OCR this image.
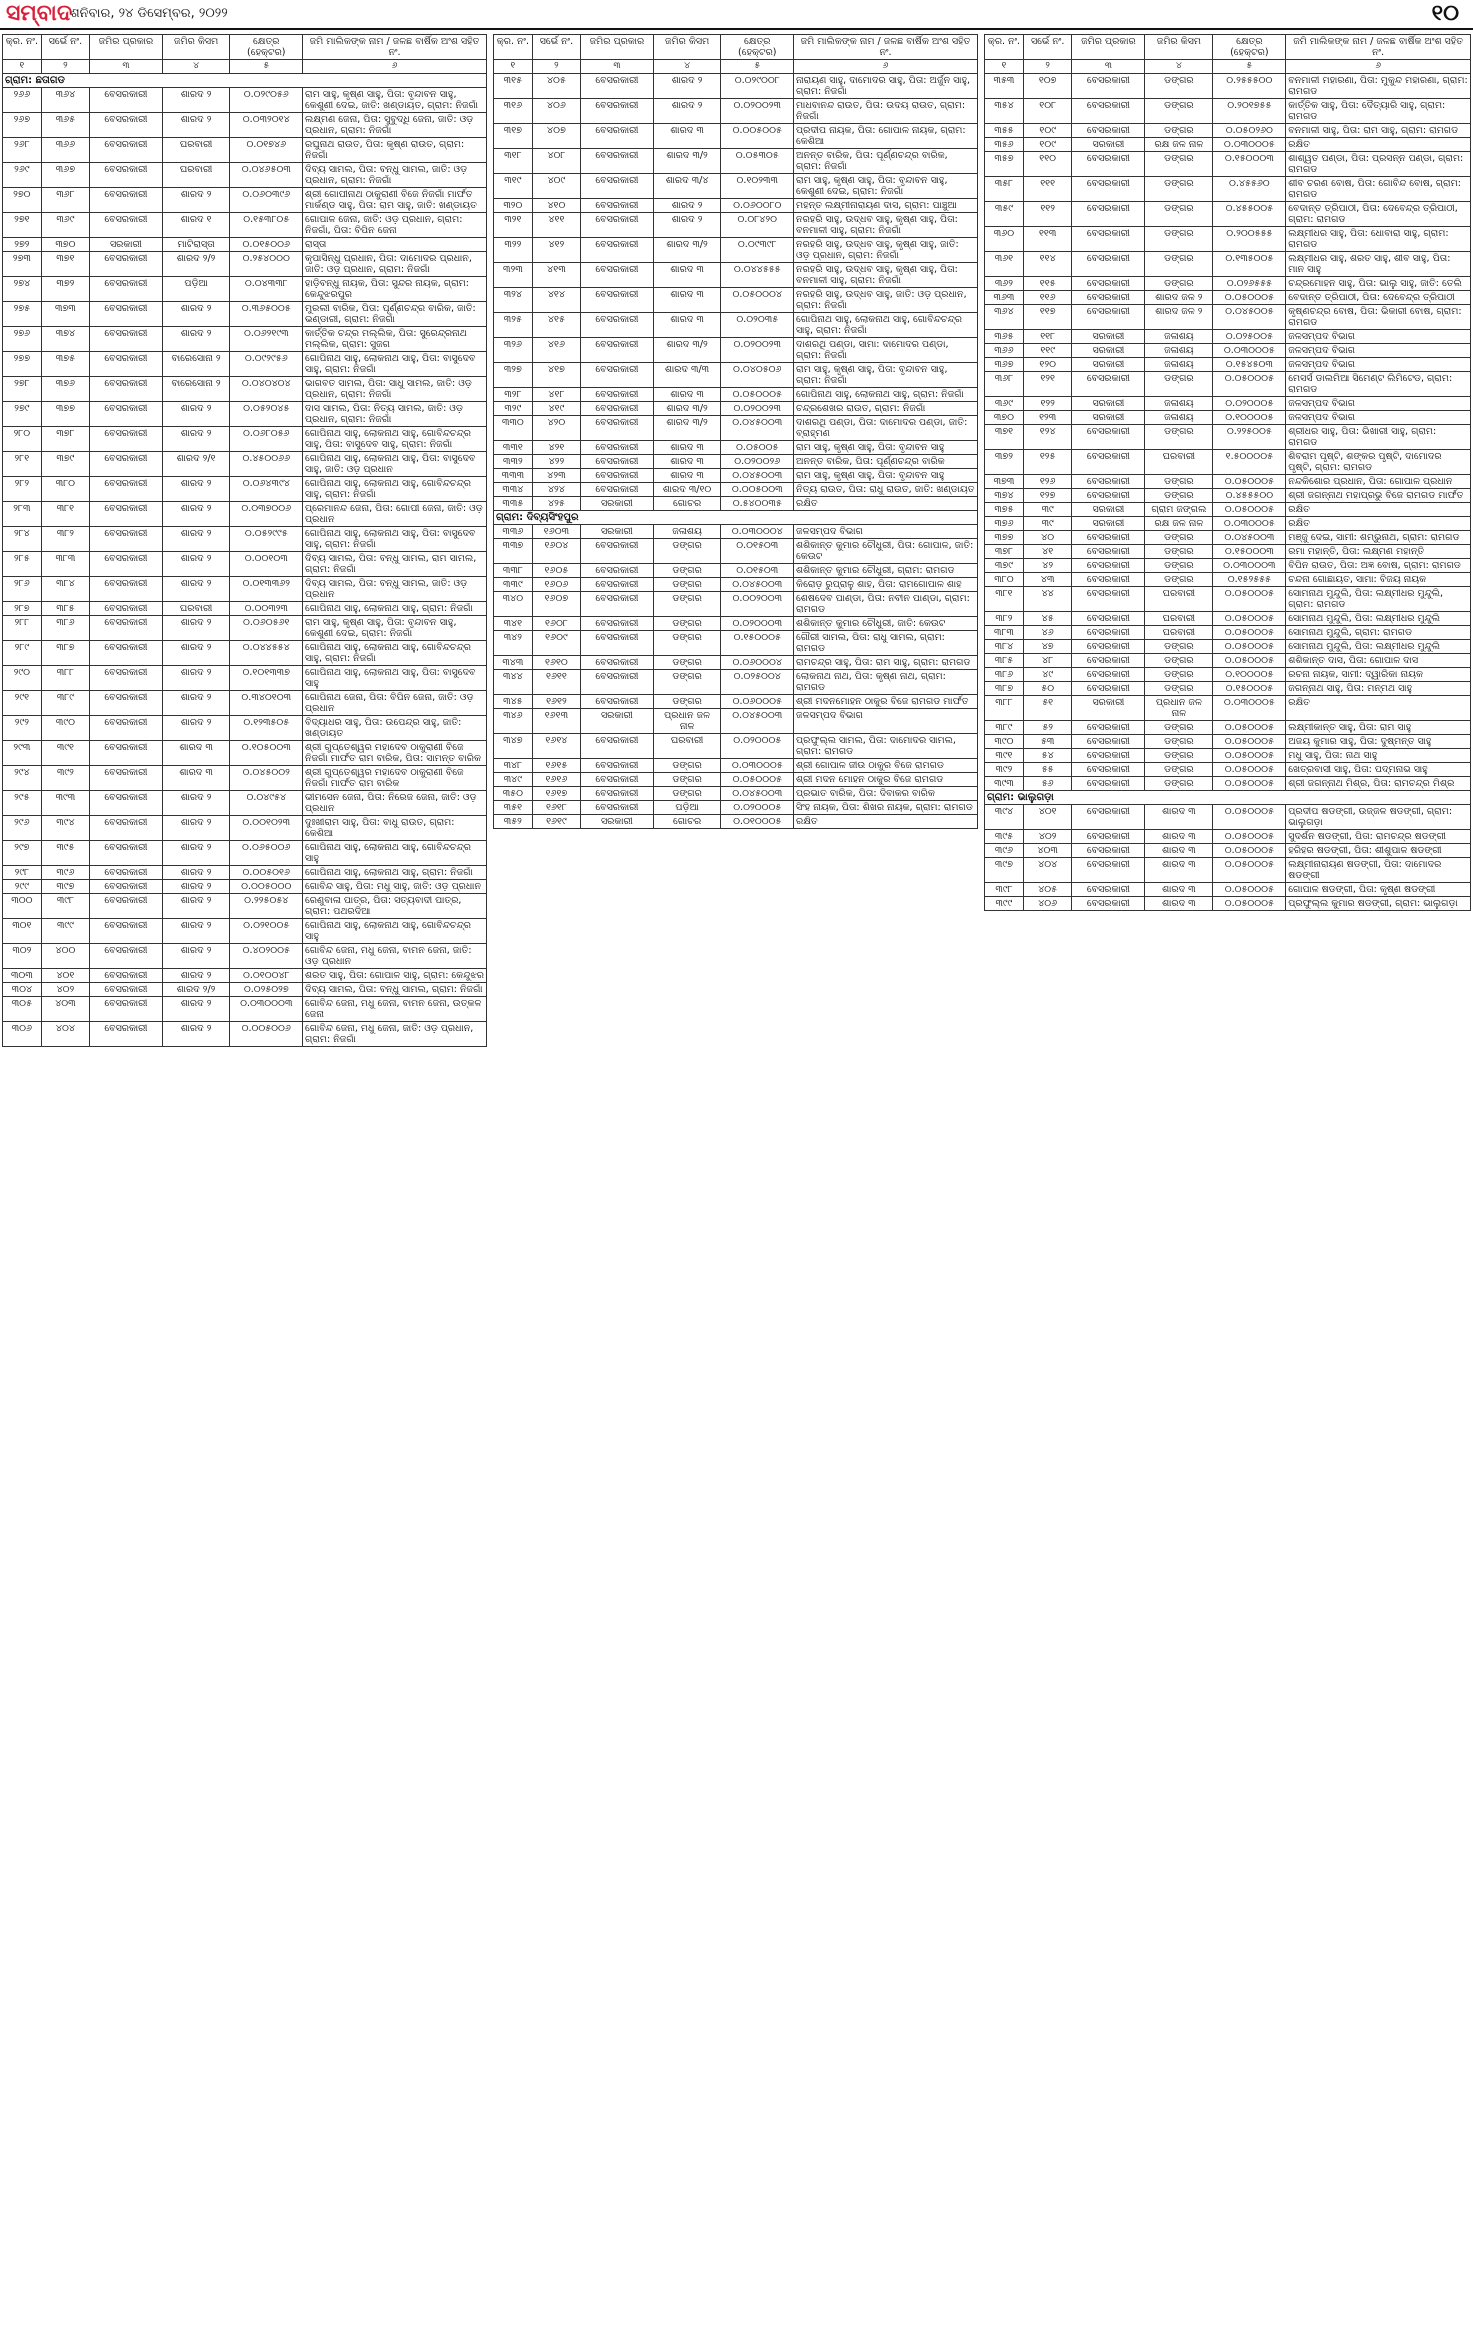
ସମ୍ବାଦ
ଶନିବାର, ୨୪ ଡିସେମ୍ବର, ୨୦୨୨	୧୦
କ୍ର. ନଂ.	ସର୍ଭେ ନଂ.	ଜମିର ପ୍ରକାର	ଜମିର କିସମ	କ୍ଷେତ୍ର (ହେକ୍ଟର)	ଜମି ମାଲିକଙ୍କ ନାମ / ଜଳଛ ବାର୍ଷିକ ଅଂଶ ସହିତ ନଂ.
୧	୨	୩	୪	୫	୬
ଗ୍ରାମ: ଛତାଗଡ					
୨୬୬	୩୬୪	ବେସରକାରୀ	ଶାରଦ ୨	୦.୦୨୯୦୫୬	ରାମ ସାହୁ, କୃଷ୍ଣ ସାହୁ, ପିତା: ବୃନ୍ଦାବନ ସାହୁ, କେଶୁଣୀ ଦେଇ, ଜାତି: ଖଣ୍ଡାୟତ, ଗ୍ରାମ: ନିଜଗାଁ
୨୬୭	୩୬୫	ବେସରକାରୀ	ଶାରଦ ୨	୦.୦୩୨୦୧୪	ଲକ୍ଷ୍ମଣ ଜେନା, ପିତା: ସୁବୁଦ୍ଧି ଜେନା, ଜାତି: ଓଡ଼ ପ୍ରଧାନ, ଗ୍ରାମ: ନିଜଗାଁ
୨୬୮	୩୬୬	ବେସରକାରୀ	ଘରବାରୀ	୦.୦୧୭୪୬	ରଘୁନାଥ ରାଉତ, ପିତା: କୃଷ୍ଣ ରାଉତ, ଗ୍ରାମ: ନିଜଗାଁ
୨୬୯	୩୬୭	ବେସରକାରୀ	ଘରବାରୀ	୦.୦୪୬୫୦୩	ଦିବ୍ୟ ସାମଲ, ପିତା: ବନ୍ଧୁ ସାମଲ, ଜାତି: ଓଡ଼ ପ୍ରଧାନ, ଗ୍ରାମ: ନିଜଗାଁ
୨୭୦	୩୬୮	ବେସରକାରୀ	ଶାରଦ ୨	୦.୦୬୦୩୯୬	ଶ୍ରୀ ଗୋପୀନାଥ ଠାକୁରାଣୀ ବିଜେ ନିଜଗାଁ ମାର୍ଫତ ମାର୍କଣ୍ଡ ସାହୁ, ପିତା: ରାମ ସାହୁ, ଜାତି: ଖଣ୍ଡାୟତ
୨୭୧	୩୬୯	ବେସରକାରୀ	ଶାରଦ ୧	୦.୧୫୩୮୦୫	ଗୋପାଳ ଜେନା, ଜାତି: ଓଡ଼ ପ୍ରଧାନ, ଗ୍ରାମ: ନିଜଗାଁ, ପିତା: ବିପିନ ଜେନା
୨୭୨	୩୭୦	ସରକାରୀ	ମାଟିରାସ୍ତା	୦.୦୧୫୦୦୬	ରାସ୍ତା
୨୭୩	୩୭୧	ବେସରକାରୀ	ଶାରଦ ୨/୨	୦.୨୫୪୦୦୦	କୃପାସିନ୍ଧୁ ପ୍ରଧାନ, ପିତା: ଦାମୋଦର ପ୍ରଧାନ, ଜାତି: ଓଡ଼ ପ୍ରଧାନ, ଗ୍ରାମ: ନିଜଗାଁ
୨୭୪	୩୭୨	ବେସରକାରୀ	ପଡ଼ିଆ	୦.୦୪୩୩୮	ହାଡ଼ିବନ୍ଧୁ ନାୟକ, ପିତା: ସୁନ୍ଦର ନାୟକ, ଗ୍ରାମ: କେନ୍ଦୁଝରପୁର
୨୭୫	୩୭୩	ବେସରକାରୀ	ଶାରଦ ୨	୦.୩୬୫୦୦୫	ମୁରଲୀ ବାରିକ, ପିତା: ପୂର୍ଣ୍ଣଚନ୍ଦ୍ର ବାରିକ, ଜାତି: ଭଣ୍ଡାରୀ, ଗ୍ରାମ: ନିଜଗାଁ
୨୭୬	୩୭୪	ବେସରକାରୀ	ଶାରଦ ୨	୦.୦୬୨୧୯୩	କାର୍ତ୍ତିକ ଚନ୍ଦ୍ର ମଲ୍ଲିକ, ପିତା: ସୁରେନ୍ଦ୍ରନାଥ ମଲ୍ଲିକ, ଗ୍ରାମ: ସୁଜଗ
୨୭୭	୩୭୫	ବେସରକାରୀ	ବାରେସୋନା ୨	୦.୦୯୨୯୫୬	ଗୋପିନାଥ ସାହୁ, ଲୋକନାଥ ସାହୁ, ପିତା: ବାସୁଦେବ ସାହୁ, ଗ୍ରାମ: ନିଜଗାଁ
୨୭୮	୩୭୬	ବେସରକାରୀ	ବାରେସୋନା ୨	୦.୦୪୦୪୦୪	ଭାଗବତ ସାମଲ, ପିତା: ସାଧୁ ସାମଲ, ଜାତି: ଓଡ଼ ପ୍ରଧାନ, ଗ୍ରାମ: ନିଜଗାଁ
୨୭୯	୩୭୭	ବେସରକାରୀ	ଶାରଦ ୨	୦.୦୫୨୦୪୫	ଦାସ ସାମଲ, ପିତା: ନିତ୍ୟ ସାମଲ, ଜାତି: ଓଡ଼ ପ୍ରଧାନ, ଗ୍ରାମ: ନିଜଗାଁ
୨୮୦	୩୭୮	ବେସରକାରୀ	ଶାରଦ ୨	୦.୦୬୮୦୫୬	ଗୋପିନାଥ ସାହୁ, ଲୋକନାଥ ସାହୁ, ଗୋବିନ୍ଦଚନ୍ଦ୍ର ସାହୁ, ପିତା: ବାସୁଦେବ ସାହୁ, ଗ୍ରାମ: ନିଜଗାଁ
୨୮୧	୩୭୯	ବେସରକାରୀ	ଶାରଦ ୨/୧	୦.୪୫୦୦୬୬	ଗୋପିନାଥ ସାହୁ, ଲୋକନାଥ ସାହୁ, ପିତା: ବାସୁଦେବ ସାହୁ, ଜାତି: ଓଡ଼ ପ୍ରଧାନ
୨୮୨	୩୮୦	ବେସରକାରୀ	ଶାରଦ ୨	୦.୦୬୪୩୯୪	ଗୋପିନାଥ ସାହୁ, ଲୋକନାଥ ସାହୁ, ଗୋବିନ୍ଦଚନ୍ଦ୍ର ସାହୁ, ଗ୍ରାମ: ନିଜଗାଁ
୨୮୩	୩୮୧	ବେସରକାରୀ	ଶାରଦ ୨	୦.୦୩୭୦୦୬	ପ୍ରେମାନନ୍ଦ ଜେନା, ପିତା: ଗୋପୀ ଜେନା, ଜାତି: ଓଡ଼ ପ୍ରଧାନ
୨୮୪	୩୮୨	ବେସରକାରୀ	ଶାରଦ ୨	୦.୦୫୨୯୯୫	ଗୋପିନାଥ ସାହୁ, ଲୋକନାଥ ସାହୁ, ପିତା: ବାସୁଦେବ ସାହୁ, ଗ୍ରାମ: ନିଜଗାଁ
୨୮୫	୩୮୩	ବେସରକାରୀ	ଶାରଦ ୨	୦.୦୦୧୦୩	ଦିବ୍ୟ ସାମଲ, ପିତା: ବନ୍ଧୁ ସାମଲ, ରାମ ସାମଲ, ଗ୍ରାମ: ନିଜଗାଁ
୨୮୬	୩୮୪	ବେସରକାରୀ	ଶାରଦ ୨	୦.୦୧୩୩୬୨	ଦିବ୍ୟ ସାମଲ, ପିତା: ବନ୍ଧୁ ସାମଲ, ଜାତି: ଓଡ଼ ପ୍ରଧାନ
୨୮୭	୩୮୫	ବେସରକାରୀ	ଘରବାରୀ	୦.୦୦୩୨୩	ଗୋପିନାଥ ସାହୁ, ଲୋକନାଥ ସାହୁ, ଗ୍ରାମ: ନିଜଗାଁ
୨୮୮	୩୮୬	ବେସରକାରୀ	ଶାରଦ ୨	୦.୦୬୦୫୬୧	ରାମ ସାହୁ, କୃଷ୍ଣ ସାହୁ, ପିତା: ବୃନ୍ଦାବନ ସାହୁ, କେଶୁଣୀ ଦେଇ, ଗ୍ରାମ: ନିଜଗାଁ
୨୮୯	୩୮୭	ବେସରକାରୀ	ଶାରଦ ୨	୦.୦୪୪୫୫୪	ଗୋପିନାଥ ସାହୁ, ଲୋକନାଥ ସାହୁ, ଗୋବିନ୍ଦଚନ୍ଦ୍ର ସାହୁ, ଗ୍ରାମ: ନିଜଗାଁ
୨୯୦	୩୮୮	ବେସରକାରୀ	ଶାରଦ ୨	୦.୧୦୧୩୩୭	ଗୋପିନାଥ ସାହୁ, ଲୋକନାଥ ସାହୁ, ପିତା: ବାସୁଦେବ ସାହୁ
୨୯୧	୩୮୯	ବେସରକାରୀ	ଶାରଦ ୨	୦.୩୪୦୧୦୩	ଗୋପିନାଥ ଜେନା, ପିତା: ବିପିନ ଜେନା, ଜାତି: ଓଡ଼ ପ୍ରଧାନ
୨୯୨	୩୯୦	ବେସରକାରୀ	ଶାରଦ ୨	୦.୧୨୩୫୦୫	ବିଦ୍ୟାଧର ସାହୁ, ପିତା: ଉପେନ୍ଦ୍ର ସାହୁ, ଜାତି: ଖଣ୍ଡାୟତ
୨୯୩	୩୯୧	ବେସରକାରୀ	ଶାରଦ ୩	୦.୧୦୫୦୦୩	ଶ୍ରୀ ଗୁପ୍ତେଶ୍ୱର ମହାଦେବ ଠାକୁରାଣୀ ବିଜେ ନିଜଗାଁ ମାର୍ଫତ ରାମ ବାରିକ, ପିତା: ସାମନ୍ତ ବାରିକ
୨୯୪	୩୯୨	ବେସରକାରୀ	ଶାରଦ ୩	୦.୦୪୫୦୦୨	ଶ୍ରୀ ଗୁପ୍ତେଶ୍ୱର ମହାଦେବ ଠାକୁରାଣୀ ବିଜେ ନିଜଗାଁ ମାର୍ଫତ ରାମ ବାରିକ
୨୯୫	୩୯୩	ବେସରକାରୀ	ଶାରଦ ୨	୦.୦୪୯୫୪	ଭୀମସେନ ଜେନା, ପିତା: ନିରେଜ ଜେନା, ଜାତି: ଓଡ଼ ପ୍ରଧାନ
୨୯୬	୩୯୪	ବେସରକାରୀ	ଶାରଦ ୨	୦.୦୦୧୦୨୩	ଦୁଃଖୀରାମ ସାହୁ, ପିତା: ବାଧୁ ରାଉତ, ଗ୍ରାମ: କେଶିଆ
୨୯୭	୩୯୫	ବେସରକାରୀ	ଶାରଦ ୨	୦.୦୬୫୦୦୬	ଗୋପିନାଥ ସାହୁ, ଲୋକନାଥ ସାହୁ, ଗୋବିନ୍ଦଚନ୍ଦ୍ର ସାହୁ
୨୯୮	୩୯୬	ବେସରକାରୀ	ଶାରଦ ୨	୦.୦୦୫୦୧୬	ଗୋପିନାଥ ସାହୁ, ଲୋକନାଥ ସାହୁ, ଗ୍ରାମ: ନିଜଗାଁ
୨୯୯	୩୯୭	ବେସରକାରୀ	ଶାରଦ ୨	୦.୦୦୫୦୦୦	ଗୋବିନ୍ଦ ସାହୁ, ପିତା: ମଧୁ ସାହୁ, ଜାତି: ଓଡ଼ ପ୍ରଧାନ
୩୦୦	୩୯୮	ବେସରକାରୀ	ଶାରଦ ୨	୦.୨୨୫୦୫୪	ରେଣୁବାଳା ପାତ୍ର, ପିତା: ସତ୍ୟବାଦୀ ପାତ୍ର, ଗ୍ରାମ: ପଥରଦିଆ
୩୦୧	୩୯୯	ବେସରକାରୀ	ଶାରଦ ୨	୦.୦୨୧୦୦୫	ଗୋପିନାଥ ସାହୁ, ଲୋକନାଥ ସାହୁ, ଗୋବିନ୍ଦଚନ୍ଦ୍ର ସାହୁ
୩୦୨	୪୦୦	ବେସରକାରୀ	ଶାରଦ ୨	୦.୪୦୨୦୦୫	ଗୋବିନ୍ଦ ଜେନା, ମଧୁ ଜେନା, ବାମନ ଜେନା, ଜାତି: ଓଡ଼ ପ୍ରଧାନ
୩୦୩	୪୦୧	ବେସରକାରୀ	ଶାରଦ ୨	୦.୦୧୦୦୪୮	ଶରତ ସାହୁ, ପିତା: ଗୋପାଳ ସାହୁ, ଗ୍ରାମ: କେନ୍ଦୁଝର
୩୦୪	୪୦୨	ବେସରକାରୀ	ଶାରଦ ୨/୨	୦.୦୨୫୦୨୭	ଦିବ୍ୟ ସାମଲ, ପିତା: ବନ୍ଧୁ ସାମଲ, ଗ୍ରାମ: ନିଜଗାଁ
୩୦୫	୪୦୩	ବେସରକାରୀ	ଶାରଦ ୨	୦.୦୩୦୦୦୩	ଗୋବିନ୍ଦ ଜେନା, ମଧୁ ଜେନା, ବାମନ ଜେନା, ଉତ୍କଳ ଜେନା
୩୦୬	୪୦୪	ବେସରକାରୀ	ଶାରଦ ୨	୦.୦୦୫୦୦୬	ଗୋବିନ୍ଦ ଜେନା, ମଧୁ ଜେନା, ଜାତି: ଓଡ଼ ପ୍ରଧାନ, ଗ୍ରାମ: ନିଜଗାଁ
କ୍ର. ନଂ.	ସର୍ଭେ ନଂ.	ଜମିର ପ୍ରକାର	ଜମିର କିସମ	କ୍ଷେତ୍ର (ହେକ୍ଟର)	ଜମି ମାଲିକଙ୍କ ନାମ / ଜଳଛ ବାର୍ଷିକ ଅଂଶ ସହିତ ନଂ.
୧	୨	୩	୪	୫	୬
୩୧୫	୪୦୫	ବେସରକାରୀ	ଶାରଦ ୨	୦.୦୨୯୦୦୮	ନାରାୟଣ ସାହୁ, ଦାମୋଦର ସାହୁ, ପିତା: ଅର୍ଜୁନ ସାହୁ, ଗ୍ରାମ: ନିଜଗାଁ
୩୧୬	୪୦୬	ବେସରକାରୀ	ଶାରଦ ୨	୦.୦୨୦୦୨୩	ମାଧବାନନ୍ଦ ରାଉତ, ପିତା: ଉଦୟ ରାଉତ, ଗ୍ରାମ: ନିଜଗାଁ
୩୧୭	୪୦୭	ବେସରକାରୀ	ଶାରଦ ୩	୦.୦୦୫୦୦୫	ପ୍ରଦୀପ ନାୟକ, ପିତା: ଗୋପାଳ ନାୟକ, ଗ୍ରାମ: କେଶିଆ
୩୧୮	୪୦୮	ବେସରକାରୀ	ଶାରଦ ୩/୨	୦.୦୫୩୦୫	ଅନନ୍ତ ବାରିକ, ପିତା: ପୂର୍ଣ୍ଣଚନ୍ଦ୍ର ବାରିକ, ଗ୍ରାମ: ନିଜଗାଁ
୩୧୯	୪୦୯	ବେସରକାରୀ	ଶାରଦ ୩/୪	୦.୧୦୨୩୩	ରାମ ସାହୁ, କୃଷ୍ଣ ସାହୁ, ପିତା: ବୃନ୍ଦାବନ ସାହୁ, କେଶୁଣୀ ଦେଇ, ଗ୍ରାମ: ନିଜଗାଁ
୩୨୦	୪୧୦	ବେସରକାରୀ	ଶାରଦ ୨	୦.୦୬୦୦୮୦	ମହନ୍ତ ଲକ୍ଷ୍ମୀନାରାୟଣ ଦାସ, ଗ୍ରାମ: ପାଞ୍ଚୁଆ
୩୨୧	୪୧୧	ବେସରକାରୀ	ଶାରଦ ୨	୦.୦୮୪୨୦	ନରହରି ସାହୁ, ଉଦ୍ଧବ ସାହୁ, କୃଷ୍ଣ ସାହୁ, ପିତା: ବନମାଳୀ ସାହୁ, ଗ୍ରାମ: ନିଜଗାଁ
୩୨୨	୪୧୨	ବେସରକାରୀ	ଶାରଦ ୩/୨	୦.୦୯୩୯୮	ନରହରି ସାହୁ, ଉଦ୍ଧବ ସାହୁ, କୃଷ୍ଣ ସାହୁ, ଜାତି: ଓଡ଼ ପ୍ରଧାନ, ଗ୍ରାମ: ନିଜଗାଁ
୩୨୩	୪୧୩	ବେସରକାରୀ	ଶାରଦ ୩	୦.୦୪୪୫୫୫	ନରହରି ସାହୁ, ଉଦ୍ଧବ ସାହୁ, କୃଷ୍ଣ ସାହୁ, ପିତା: ବନମାଳୀ ସାହୁ, ଗ୍ରାମ: ନିଜଗାଁ
୩୨୪	୪୧୪	ବେସରକାରୀ	ଶାରଦ ୩	୦.୦୫୦୦୦୪	ନରହରି ସାହୁ, ଉଦ୍ଧବ ସାହୁ, ଜାତି: ଓଡ଼ ପ୍ରଧାନ, ଗ୍ରାମ: ନିଜଗାଁ
୩୨୫	୪୧୫	ବେସରକାରୀ	ଶାରଦ ୩	୦.୦୨୦୩୫	ଗୋପିନାଥ ସାହୁ, ଲୋକନାଥ ସାହୁ, ଗୋବିନ୍ଦଚନ୍ଦ୍ର ସାହୁ, ଗ୍ରାମ: ନିଜଗାଁ
୩୨୬	୪୧୬	ବେସରକାରୀ	ଶାରଦ ୩/୨	୦.୦୨୦୦୨୩	ଦାଶରଥି ପଣ୍ଡା, ସାମା: ଦାମୋଦର ପଣ୍ଡା, ଗ୍ରାମ: ନିଜଗାଁ
୩୨୭	୪୧୭	ବେସରକାରୀ	ଶାରଦ ୩/୩	୦.୦୪୦୫୦୬	ରାମ ସାହୁ, କୃଷ୍ଣ ସାହୁ, ପିତା: ବୃନ୍ଦାବନ ସାହୁ, ଗ୍ରାମ: ନିଜଗାଁ
୩୨୮	୪୧୮	ବେସରକାରୀ	ଶାରଦ ୩	୦.୦୫୦୦୦୫	ଗୋପିନାଥ ସାହୁ, ଲୋକନାଥ ସାହୁ, ଗ୍ରାମ: ନିଜଗାଁ
୩୨୯	୪୧୯	ବେସରକାରୀ	ଶାରଦ ୩/୨	୦.୦୨୦୦୨୩	ଚନ୍ଦ୍ରଶେଖର ରାଉତ, ଗ୍ରାମ: ନିଜଗାଁ
୩୩୦	୪୨୦	ବେସରକାରୀ	ଶାରଦ ୩/୨	୦.୦୪୫୦୦୩	ଦାଶରଥି ପଣ୍ଡା, ପିତା: ଦାମୋଦର ପଣ୍ଡା, ଜାତି: ବ୍ରାହ୍ମଣ
୩୩୧	୪୨୧	ବେସରକାରୀ	ଶାରଦ ୩	୦.୦୫୦୦୫	ରାମ ସାହୁ, କୃଷ୍ଣ ସାହୁ, ପିତା: ବୃନ୍ଦାବନ ସାହୁ
୩୩୨	୪୨୨	ବେସରକାରୀ	ଶାରଦ ୩	୦.୦୨୦୦୨୬	ଅନନ୍ତ ବାରିକ, ପିତା: ପୂର୍ଣ୍ଣଚନ୍ଦ୍ର ବାରିକ
୩୩୩	୪୨୩	ବେସରକାରୀ	ଶାରଦ ୩	୦.୦୪୫୦୦୩	ରାମ ସାହୁ, କୃଷ୍ଣ ସାହୁ, ପିତା: ବୃନ୍ଦାବନ ସାହୁ
୩୩୪	୪୨୪	ବେସରକାରୀ	ଶାରଦ ୩/୧୦	୦.୦୦୫୦୦୩	ନିତ୍ୟ ରାଉତ, ପିତା: ରାଧୁ ରାଉତ, ଜାତି: ଖଣ୍ଡାୟତ
୩୩୫	୪୨୫	ସରକାରୀ	ଗୋଚର	୦.୫୪୦୦୩୫	ରକ୍ଷିତ
ଗ୍ରାମ: ଦିବ୍ୟସିଂହପୁର					
୩୩୬	୧୬୦୩	ସରକାରୀ	ଜଳାଶୟ	୦.୦୩୦୦୦୪	ଜଳସମ୍ପଦ ବିଭାଗ
୩୩୭	୧୬୦୪	ବେସରକାରୀ	ଡଙ୍ଗର	୦.୦୧୫୦୩	ଶଶିକାନ୍ତ କୁମାର ଚୌଧୁରୀ, ପିତା: ଗୋପାଳ, ଜାତି: କେଉଟ
୩୩୮	୧୬୦୫	ବେସରକାରୀ	ଡଙ୍ଗର	୦.୦୧୫୦୩	ଶଶିକାନ୍ତ କୁମାର ଚୌଧୁରୀ, ଗ୍ରାମ: ରାମଗଡ
୩୩୯	୧୬୦୬	ବେସରକାରୀ	ଡଙ୍ଗର	୦.୦୪୫୦୦୩	କିରୋଡ଼ ରୁପ୍ରାଳୁ ଶାହ, ପିତା: ରାମଗୋପାଳ ଶାହ
୩୪୦	୧୬୦୭	ବେସରକାରୀ	ଡଙ୍ଗର	୦.୦୦୨୦୦୩	ଶେଷଦେବ ପାଣ୍ଡା, ପିତା: ନବୀନ ପାଣ୍ଡା, ଗ୍ରାମ: ରାମଗଡ
୩୪୧	୧୬୦୮	ବେସରକାରୀ	ଡଙ୍ଗର	୦.୦୨୦୦୦୩	ଶଶିକାନ୍ତ କୁମାର ଚୌଧୁରୀ, ଜାତି: କେଉଟ
୩୪୨	୧୬୦୯	ବେସରକାରୀ	ଡଙ୍ଗର	୦.୧୫୦୦୦୫	ଗୌରୀ ସାମଲ, ପିତା: ରାଧୁ ସାମଲ, ଗ୍ରାମ: ରାମଗଡ
୩୪୩	୧୬୧୦	ବେସରକାରୀ	ଡଙ୍ଗର	୦.୦୬୦୦୦୪	ରାମଚନ୍ଦ୍ର ସାହୁ, ପିତା: ରାମ ସାହୁ, ଗ୍ରାମ: ରାମଗଡ
୩୪୪	୧୬୧୧	ବେସରକାରୀ	ଡଙ୍ଗର	୦.୦୨୫୦୦୪	ଲୋକନାଥ ନାଥ, ପିତା: କୃଷ୍ଣ ନାଥ, ଗ୍ରାମ: ରାମଗଡ
୩୪୫	୧୬୧୨	ବେସରକାରୀ	ଡଙ୍ଗର	୦.୦୬୦୦୦୫	ଶ୍ରୀ ମଦନମୋହନ ଠାକୁର ବିଜେ ରାମଗଡ ମାର୍ଫତ
୩୪୬	୧୬୧୩	ସରକାରୀ	ପ୍ରଧାନ ଜଳ ନାଳ	୦.୦୪୫୦୦୩	ଜଳସମ୍ପଦ ବିଭାଗ
୩୪୭	୧୬୧୪	ବେସରକାରୀ	ଘରବାରୀ	୦.୦୨୦୦୦୫	ପ୍ରଫୁଲ୍ଲ ସାମଲ, ପିତା: ଦାମୋଦର ସାମଲ, ଗ୍ରାମ: ରାମଗଡ
୩୪୮	୧୬୧୫	ବେସରକାରୀ	ଡଙ୍ଗର	୦.୦୩୦୦୦୫	ଶ୍ରୀ ଗୋପାଳ ଜୀଉ ଠାକୁର ବିଜେ ରାମଗଡ
୩୪୯	୧୬୧୬	ବେସରକାରୀ	ଡଙ୍ଗର	୦.୦୫୦୦୦୫	ଶ୍ରୀ ମଦନ ମୋହନ ଠାକୁର ବିଜେ ରାମଗଡ
୩୫୦	୧୬୧୭	ବେସରକାରୀ	ଡଙ୍ଗର	୦.୦୪୫୦୦୩	ପ୍ରଭାତ ବାରିକ, ପିତା: ଦିବାକର ବାରିକ
୩୫୧	୧୬୧୮	ବେସରକାରୀ	ପଡ଼ିଆ	୦.୦୨୦୦୦୫	ସିଂହ ନାୟକ, ପିତା: ଶିଖର ନାୟକ, ଗ୍ରାମ: ରାମଗଡ
୩୫୨	୧୬୧୯	ସରକାରୀ	ଗୋଚର	୦.୦୧୦୦୦୫	ରକ୍ଷିତ
କ୍ର. ନଂ.	ସର୍ଭେ ନଂ.	ଜମିର ପ୍ରକାର	ଜମିର କିସମ	କ୍ଷେତ୍ର (ହେକ୍ଟର)	ଜମି ମାଲିକଙ୍କ ନାମ / ଜଳଛ ବାର୍ଷିକ ଅଂଶ ସହିତ ନଂ.
୧	୨	୩	୪	୫	୬
୩୫୩	୧୦୭	ବେସରକାରୀ	ଡଙ୍ଗର	୦.୨୫୫୫୦୦	ବନମାଳୀ ମହାରଣା, ପିତା: ମୁକୁନ୍ଦ ମହାରଣା, ଗ୍ରାମ: ରାମଗଡ
୩୫୪	୧୦୮	ବେସରକାରୀ	ଡଙ୍ଗର	୦.୨୦୧୭୫୫	କାର୍ତ୍ତିକ ସାହୁ, ପିତା: ଦୈତ୍ୟାରି ସାହୁ, ଗ୍ରାମ: ରାମଗଡ
୩୫୫	୧୦୯	ବେସରକାରୀ	ଡଙ୍ଗର	୦.୦୫୦୨୬୦	ବନମାଳୀ ସାହୁ, ପିତା: ରାମ ସାହୁ, ଗ୍ରାମ: ରାମଗଡ
୩୫୬	୧୦୯	ସରକାରୀ	ରକ୍ଷ ଜଳ ନାଳ	୦.୦୩୦୦୦୫	ରକ୍ଷିତ
୩୫୭	୧୧୦	ବେସରକାରୀ	ଡଙ୍ଗର	୦.୧୫୦୦୦୩	ଶାଶ୍ୱତ ପଣ୍ଡା, ପିତା: ପ୍ରସନ୍ନ ପଣ୍ଡା, ଗ୍ରାମ: ରାମଗଡ
୩୫୮	୧୧୧	ବେସରକାରୀ	ଡଙ୍ଗର	୦.୪୫୫୬୦	ଶୀବ ଚରଣ ବୋଷ, ପିତା: ଗୋବିନ୍ଦ ବୋଷ, ଗ୍ରାମ: ରାମଗଡ
୩୫୯	୧୧୨	ବେସରକାରୀ	ଡଙ୍ଗର	୦.୪୫୫୦୦୫	ବେଦାନ୍ତ ତ୍ରିପାଠୀ, ପିତା: ଦେବେନ୍ଦ୍ର ତ୍ରିପାଠୀ, ଗ୍ରାମ: ରାମଗଡ
୩୬୦	୧୧୩	ବେସରକାରୀ	ଡଙ୍ଗର	୦.୨୦୦୫୫୫	ଲକ୍ଷ୍ମୀଧର ସାହୁ, ପିତା: ଧୋବାରା ସାହୁ, ଗ୍ରାମ: ରାମଗଡ
୩୬୧	୧୧୪	ବେସରକାରୀ	ଡଙ୍ଗର	୦.୧୩୫୦୦୫	ଲକ୍ଷ୍ମୀଧର ସାହୁ, ଶରତ ସାହୁ, ଶୀବ ସାହୁ, ପିତା: ମାନ ସାହୁ
୩୬୨	୧୧୫	ବେସରକାରୀ	ଡଙ୍ଗର	୦.୦୨୬୫୫୫	ଚନ୍ଦ୍ରମୋହନ ସାହୁ, ପିତା: ଭାଲୁ ସାହୁ, ଜାତି: ତେଲି
୩୬୩	୧୧୬	ବେସରକାରୀ	ଶାରଦ ଜଳ ୨	୦.୦୫୦୦୦୫	ବେଦାନ୍ତ ତ୍ରିପାଠୀ, ପିତା: ଦେବେନ୍ଦ୍ର ତ୍ରିପାଠୀ
୩୬୪	୧୧୭	ବେସରକାରୀ	ଶାରଦ ଜଳ ୨	୦.୦୪୫୦୦୫	କୃଷ୍ଣଚନ୍ଦ୍ର ବୋଷ, ପିତା: ଭିକାରୀ ବୋଷ, ଗ୍ରାମ: ରାମଗଡ
୩୬୫	୧୧୮	ସରକାରୀ	ଜଳାଶୟ	୦.୦୨୫୦୦୫	ଜଳସମ୍ପଦ ବିଭାଗ
୩୬୬	୧୧୯	ସରକାରୀ	ଜଳାଶୟ	୦.୦୩୦୦୦୫	ଜଳସମ୍ପଦ ବିଭାଗ
୩୬୭	୧୨୦	ସରକାରୀ	ଜଳାଶୟ	୦.୧୫୪୫୦୩	ଜଳସମ୍ପଦ ବିଭାଗ
୩୬୮	୧୨୧	ବେସରକାରୀ	ଡଙ୍ଗର	୦.୦୫୦୦୦୫	ମେସର୍ସ ଡାଲମିଆ ସିମେଣ୍ଟ ଲିମିଟେଡ, ଗ୍ରାମ: ରାମଗଡ
୩୬୯	୧୨୨	ସରକାରୀ	ଜଳାଶୟ	୦.୦୨୦୦୦୫	ଜଳସମ୍ପଦ ବିଭାଗ
୩୭୦	୧୨୩	ସରକାରୀ	ଜଳାଶୟ	୦.୧୦୦୦୦୫	ଜଳସମ୍ପଦ ବିଭାଗ
୩୭୧	୧୨୪	ବେସରକାରୀ	ଡଙ୍ଗର	୦.୨୨୫୦୦୫	ଶ୍ରୀଧର ସାହୁ, ପିତା: ଭିଖାରୀ ସାହୁ, ଗ୍ରାମ: ରାମଗଡ
୩୭୨	୧୨୫	ବେସରକାରୀ	ଘରବାରୀ	୧.୫୦୦୦୦୫	ଶିବରାମ ପୃଷ୍ଟି, ଶଙ୍କର ପୃଷ୍ଟି, ଦାମୋଦର ପୃଷ୍ଟି, ଗ୍ରାମ: ରାମଗଡ
୩୭୩	୧୨୬	ବେସରକାରୀ	ଡଙ୍ଗର	୦.୦୫୦୦୦୫	ନନ୍ଦକିଶୋର ପ୍ରଧାନ, ପିତା: ଗୋପାଳ ପ୍ରଧାନ
୩୭୪	୧୨୭	ବେସରକାରୀ	ଡଙ୍ଗର	୦.୪୫୫୫୦୦	ଶ୍ରୀ ଜଗନ୍ନାଥ ମହାପ୍ରଭୁ ବିଜେ ରାମଗଡ ମାର୍ଫତ
୩୭୫	୩୯	ସରକାରୀ	ଗ୍ରାମ ଜଙ୍ଗଲ	୦.୦୫୦୦୦୫	ରକ୍ଷିତ
୩୭୬	୩୯	ସରକାରୀ	ରକ୍ଷ ଜଳ ନାଳ	୦.୦୩୦୦୦୫	ରକ୍ଷିତ
୩୭୭	୪୦	ବେସରକାରୀ	ଡଙ୍ଗର	୦.୦୪୫୦୦୩	ମଞ୍ଜୁ ଦେଇ, ସାମୀ: ଶମ୍ଭୁନାଥ, ଗ୍ରାମ: ରାମଗଡ
୩୭୮	୪୧	ବେସରକାରୀ	ଡଙ୍ଗର	୦.୧୫୦୦୦୩	ରମା ମହାନ୍ତି, ପିତା: ଲକ୍ଷ୍ମଣ ମହାନ୍ତି
୩୭୯	୪୨	ବେସରକାରୀ	ଡଙ୍ଗର	୦.୦୩୦୦୦୩	ବିପିନ ରାଉତ, ପିତା: ଅଜ୍ଞ ବୋଷ, ଗ୍ରାମ: ରାମଗଡ
୩୮୦	୪୩	ବେସରକାରୀ	ଡଙ୍ଗର	୦.୧୫୨୫୫୫	ଚନ୍ଦନା ଗୋଛାୟତ, ସାମା: ବିଜୟ ନାୟକ
୩୮୧	୪୪	ବେସରକାରୀ	ଘରବାରୀ	୦.୦୫୦୦୦୫	ସୋମନାଥ ମୁନ୍ଦୁଲି, ପିତା: ଲକ୍ଷ୍ମୀଧର ମୁନ୍ଦୁଲି, ଗ୍ରାମ: ରାମଗଡ
୩୮୨	୪୫	ବେସରକାରୀ	ଘରବାରୀ	୦.୦୫୦୦୦୫	ସୋମନାଥ ମୁନ୍ଦୁଲି, ପିତା: ଲକ୍ଷ୍ମୀଧର ମୁନ୍ଦୁଲି
୩୮୩	୪୬	ବେସରକାରୀ	ଘରବାରୀ	୦.୦୫୦୦୦୫	ସୋମନାଥ ମୁନ୍ଦୁଲି, ଗ୍ରାମ: ରାମଗଡ
୩୮୪	୪୭	ବେସରକାରୀ	ଡଙ୍ଗର	୦.୦୫୦୦୦୫	ସୋମନାଥ ମୁନ୍ଦୁଲି, ପିତା: ଲକ୍ଷ୍ମୀଧର ମୁନ୍ଦୁଲି
୩୮୫	୪୮	ବେସରକାରୀ	ଡଙ୍ଗର	୦.୦୫୦୦୦୫	ଶଶିକାନ୍ତ ଦାସ, ପିତା: ଗୋପାଳ ଦାସ
୩୮୬	୪୯	ବେସରକାରୀ	ଡଙ୍ଗର	୦.୧୦୦୦୦୫	ରଚନା ନାୟକ, ସାମୀ: ଦ୍ୱାରିକା ନାୟକ
୩୮୭	୫୦	ବେସରକାରୀ	ଡଙ୍ଗର	୦.୧୫୦୦୦୫	ଜଗନ୍ନାଥ ସାହୁ, ପିତା: ମନ୍ମଥ ସାହୁ
୩୮୮	୫୧	ସରକାରୀ	ପ୍ରଧାନ ଜଳ ନାଳ	୦.୦୩୦୦୦୫	ରକ୍ଷିତ
୩୮୯	୫୨	ବେସରକାରୀ	ଡଙ୍ଗର	୦.୦୫୦୦୦୫	ଲକ୍ଷ୍ମୀକାନ୍ତ ସାହୁ, ପିତା: ରାମ ସାହୁ
୩୯୦	୫୩	ବେସରକାରୀ	ଡଙ୍ଗର	୦.୦୫୦୦୦୫	ଅଜୟ କୁମାର ସାହୁ, ପିତା: ଦୁଷ୍ମନ୍ତ ସାହୁ
୩୯୧	୫୪	ବେସରକାରୀ	ଡଙ୍ଗର	୦.୦୫୦୦୦୫	ମଧୁ ସାହୁ, ପିତା: ନାଥ ସାହୁ
୩୯୨	୫୫	ବେସରକାରୀ	ଡଙ୍ଗର	୦.୦୫୦୦୦୫	ଖେତ୍ରବାସୀ ସାହୁ, ପିତା: ପଦ୍ମନାଭ ସାହୁ
୩୯୩	୫୬	ବେସରକାରୀ	ଡଙ୍ଗର	୦.୦୫୦୦୦୫	ଶ୍ରୀ ଜଗନ୍ନାଥ ମିଶ୍ର, ପିତା: ରାମଚନ୍ଦ୍ର ମିଶ୍ର
ଗ୍ରାମ: ଭାଲୁଗଡ଼ା					
୩୯୪	୪୦୧	ବେସରକାରୀ	ଶାରଦ ୩	୦.୦୫୦୦୦୫	ପ୍ରଦୀପ ଷଡଙ୍ଗୀ, ଉଜ୍ଜଳ ଷଡଙ୍ଗୀ, ଗ୍ରାମ: ଭାଲୁଗଡ଼ା
୩୯୫	୪୦୨	ବେସରକାରୀ	ଶାରଦ ୩	୦.୦୫୦୦୦୫	ସୁଦର୍ଶନ ଷଡଙ୍ଗୀ, ପିତା: ରାମଚନ୍ଦ୍ର ଷଡଙ୍ଗୀ
୩୯୬	୪୦୩	ବେସରକାରୀ	ଶାରଦ ୩	୦.୦୫୦୦୦୫	ହରିହର ଷଡଙ୍ଗୀ, ପିତା: ଶୀଶୁପାଳ ଷଡଙ୍ଗୀ
୩୯୭	୪୦୪	ବେସରକାରୀ	ଶାରଦ ୩	୦.୦୫୦୦୦୫	ଲକ୍ଷ୍ମୀନାରାୟଣ ଷଡଙ୍ଗୀ, ପିତା: ଦାମୋଦର ଷଡଙ୍ଗୀ
୩୯୮	୪୦୫	ବେସରକାରୀ	ଶାରଦ ୩	୦.୦୫୦୦୦୫	ଗୋପାଳ ଷଡଙ୍ଗୀ, ପିତା: କୃଷ୍ଣ ଷଡଙ୍ଗୀ
୩୯୯	୪୦୬	ବେସରକାରୀ	ଶାରଦ ୩	୦.୦୫୦୦୦୫	ପ୍ରଫୁଲ୍ଲ କୁମାର ଷଡଙ୍ଗୀ, ଗ୍ରାମ: ଭାଲୁଗଡ଼ା
